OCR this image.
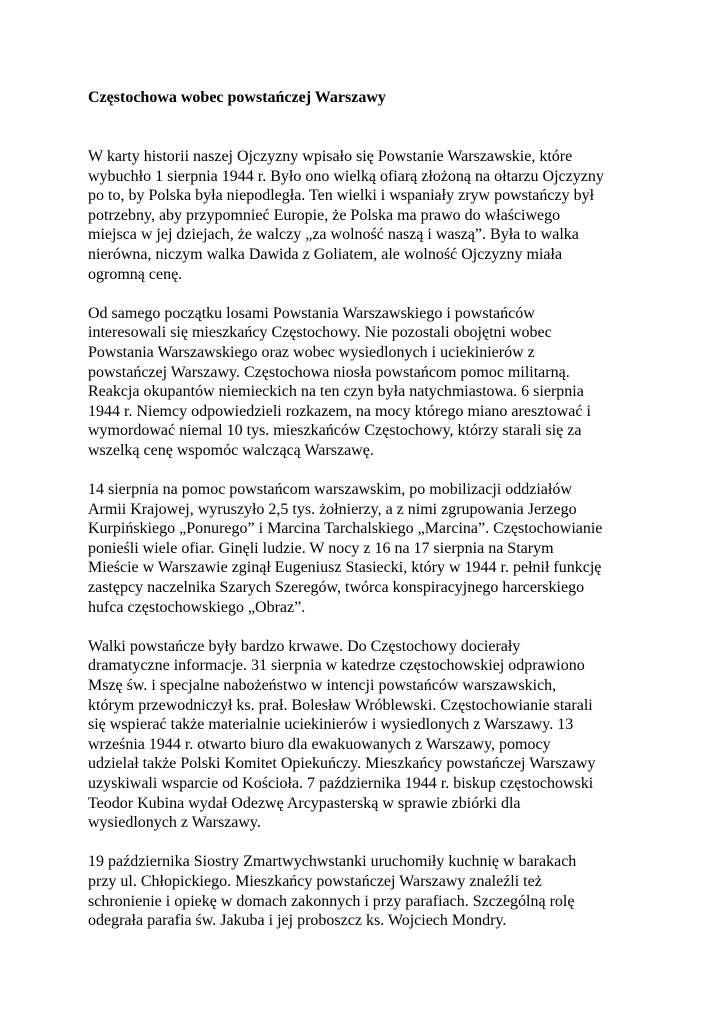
Częstochowa wobec powstańczej Warszawy

W karty historii naszej Ojczyzny wpisało się Powstanie Warszawskie, które
wybuchło 1 sierpnia 1944 r. Było ono wielką ofiarą złożoną na ołtarzu Ojczyzny
po to, by Polska była niepodległa. Ten wielki i wspaniały zryw powstańczy był
potrzebny, aby przypomnieć Europie, że Polska ma prawo do właściwego
miejsca w jej dziejach, że walczy „za wolność naszą i waszą”. Była to walka
nierówna, niczym walka Dawida z Goliatem, ale wolność Ojczyzny miała
ogromną cenę.

Od samego początku losami Powstania Warszawskiego i powstańców
interesowali się mieszkańcy Częstochowy. Nie pozostali obojętni wobec
Powstania Warszawskiego oraz wobec wysiedlonych i uciekinierów z
powstańczej Warszawy. Częstochowa niosła powstańcom pomoc militarną.
Reakcja okupantów niemieckich na ten czyn była natychmiastowa. 6 sierpnia
1944 r. Niemcy odpowiedzieli rozkazem, na mocy którego miano aresztować i
wymordować niemal 10 tys. mieszkańców Częstochowy, którzy starali się za
wszelką cenę wspomóc walczącą Warszawę.

14 sierpnia na pomoc powstańcom warszawskim, po mobilizacji oddziałów
Armii Krajowej, wyruszyło 2,5 tys. żołnierzy, a z nimi zgrupowania Jerzego
Kurpińskiego „Ponurego” i Marcina Tarchalskiego „Marcina”. Częstochowianie
ponieśli wiele ofiar. Ginęli ludzie. W nocy z 16 na 17 sierpnia na Starym
Mieście w Warszawie zginął Eugeniusz Stasiecki, który w 1944 r. pełnił funkcję
zastępcy naczelnika Szarych Szeregów, twórca konspiracyjnego harcerskiego
hufca częstochowskiego „Obraz”.

Walki powstańcze były bardzo krwawe. Do Częstochowy docierały
dramatyczne informacje. 31 sierpnia w katedrze częstochowskiej odprawiono
Mszę św. i specjalne nabożeństwo w intencji powstańców warszawskich,
którym przewodniczył ks. prał. Bolesław Wróblewski. Częstochowianie starali
się wspierać także materialnie uciekinierów i wysiedlonych z Warszawy. 13
września 1944 r. otwarto biuro dla ewakuowanych z Warszawy, pomocy
udzielał także Polski Komitet Opiekuńczy. Mieszkańcy powstańczej Warszawy
uzyskiwali wsparcie od Kościoła. 7 października 1944 r. biskup częstochowski
Teodor Kubina wydał Odezwę Arcypasterską w sprawie zbiórki dla
wysiedlonych z Warszawy.

19 października Siostry Zmartwychwstanki uruchomiły kuchnię w barakach
przy ul. Chłopickiego. Mieszkańcy powstańczej Warszawy znaleźli też
schronienie i opiekę w domach zakonnych i przy parafiach. Szczególną rolę
odegrała parafia św. Jakuba i jej proboszcz ks. Wojciech Mondry.
